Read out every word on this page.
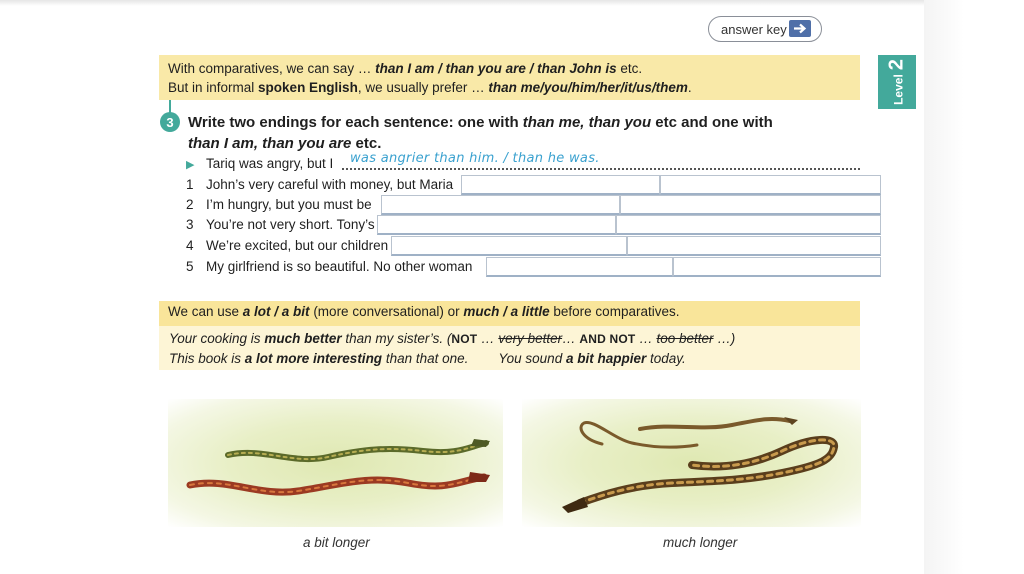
answer key
Level
2
With comparatives, we can say … than I am / than you are / than John is etc.
But in informal spoken English, we usually prefer … than me/you/him/her/it/us/them.
3 Write two endings for each sentence: one with than me, than you etc and one with
than I am, than you are etc.
▶ Tariq was angry, but I was angrier than him. / than he was.
1 John’s very careful with money, but Maria
2 I’m hungry, but you must be
3 You’re not very short. Tony’s
4 We’re excited, but our children
5 My girlfriend is so beautiful. No other woman
We can use a lot / a bit (more conversational) or much / a little before comparatives.
Your cooking is much better than my sister’s. (NOT … very better… AND NOT … too better …)
This book is a lot more interesting than that one. You sound a bit happier today.
a bit longer	much longer
